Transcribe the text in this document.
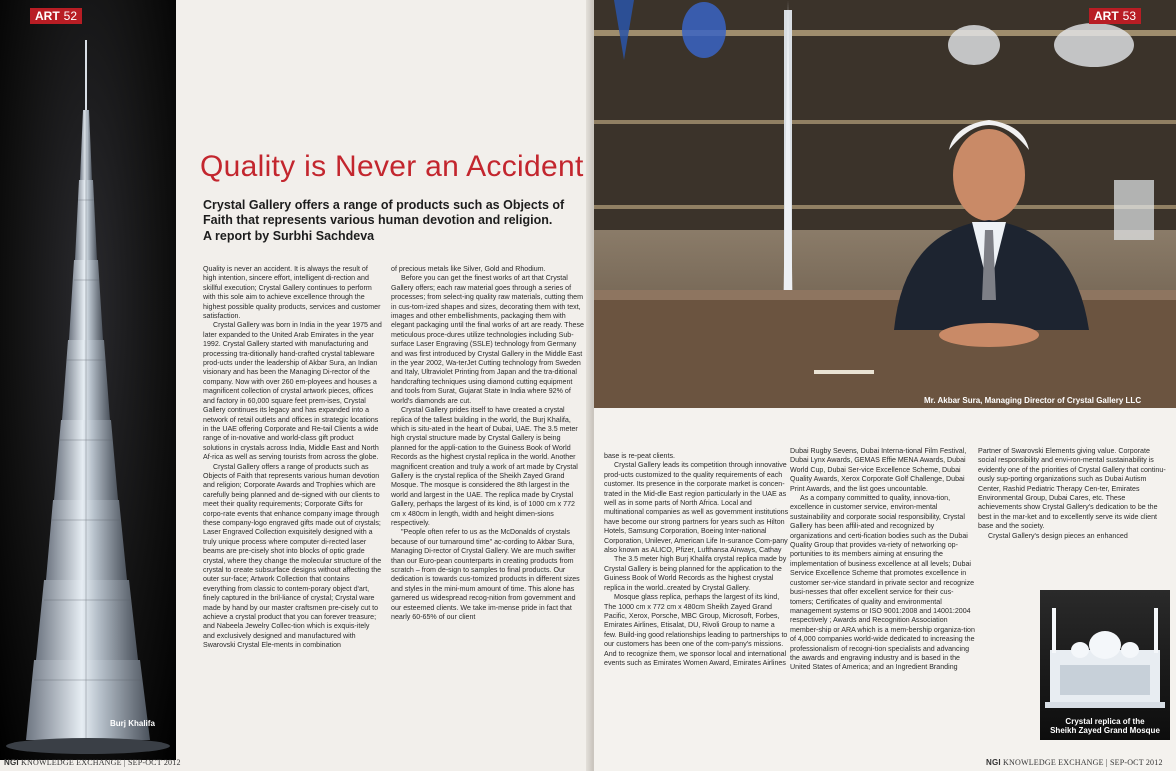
ART 52
Burj Khalifa
Quality is Never an Accident
Crystal Gallery offers a range of products such as Objects of Faith that represents various human devotion and religion.
A report by Surbhi Sachdeva

Quality is never an accident. It is always the result of high intention, sincere effort, intelligent di-rection and skillful execution; Crystal Gallery continues to perform with this sole aim to achieve excellence through the highest possible quality products, services and customer satisfaction.

Crystal Gallery was born in India in the year 1975 and later expanded to the United Arab Emirates in the year 1992. Crystal Gallery started with manufacturing and processing tra-ditionally hand-crafted crystal tableware prod-ucts under the leadership of Akbar Sura, an Indian visionary and has been the Managing Di-rector of the company. Now with over 260 em-ployees and houses a magnificent collection of crystal artwork pieces, offices and factory in 60,000 square feet prem-ises, Crystal Gallery continues its legacy and has expanded into a network of retail outlets and offices in strategic locations in the UAE offering Corporate and Re-tail Clients a wide range of in-novative and world-class gift product solutions in crystals across India, Middle East and North Af-rica as well as serving tourists from across the globe.

Crystal Gallery offers a range of products such as Objects of Faith that represents various human devotion and religion; Corporate Awards and Trophies which are carefully being planned and de-signed with our clients to meet their quality requirements; Corporate Gifts for corpo-rate events that enhance company image through these company-logo engraved gifts made out of crystals; Laser Engraved Collection exquisitely designed with a truly unique process where computer di-rected laser beams are pre-cisely shot into blocks of optic grade crystal, where they change the molecular structure of the crystal to create subsurface designs without affecting the outer sur-face; Artwork Collection that contains everything from classic to contem-porary object d'art, finely captured in the bril-liance of crystal; Crystal ware made by hand by our master craftsmen pre-cisely cut to achieve a crystal product that you can forever treasure; and Nabeela Jewelry Collec-tion which is exquis-itely and exclusively designed and manufactured with Swarovski Crystal Ele-ments in combination

of precious metals like Silver, Gold and Rhodium.

Before you can get the finest works of art that Crystal Gallery offers; each raw material goes through a series of processes; from select-ing quality raw materials, cutting them in cus-tom-ized shapes and sizes, decorating them with text, images and other embellishments, packaging them with elegant packaging until the final works of art are ready. These meticulous proce-dures utilize technologies including Sub-surface Laser Engraving (SSLE) technology from Germany and was first introduced by Crystal Gallery in the Middle East in the year 2002, Wa-terJet Cutting technology from Sweden and Italy, Ultraviolet Printing from Japan and the tra-ditional handcrafting techniques using diamond cutting equipment and tools from Surat, Gujarat State in India where 92% of world's diamonds are cut.

Crystal Gallery prides itself to have created a crystal replica of the tallest building in the world, the Burj Khalifa, which is situ-ated in the heart of Dubai, UAE. The 3.5 meter high crystal structure made by Crystal Gallery is being planned for the appli-cation to the Guiness Book of World Records as the highest crystal replica in the world. Another magnificent creation and truly a work of art made by Crystal Gallery is the crystal replica of the Sheikh Zayed Grand Mosque. The mosque is considered the 8th largest in the world and largest in the UAE. The replica made by Crystal Gallery, perhaps the largest of its kind, is of 1000 cm x 772 cm x 480cm in length, width and height dimen-sions respectively.

"People often refer to us as the McDonalds of crystals because of our turnaround time" ac-cording to Akbar Sura, Managing Di-rector of Crystal Gallery. We are much swifter than our Euro-pean counterparts in creating products from scratch – from de-sign to samples to final products. Our dedication is towards cus-tomized products in different sizes and styles in the mini-mum amount of time. This alone has garnered us widespread recog-nition from government and our esteemed clients. We take im-mense pride in fact that nearly 60-65% of our client

NGI KNOWLEDGE EXCHANGE | SEP-OCT 2012
ART 53
Mr. Akbar Sura, Managing Director of Crystal Gallery LLC

base is re-peat clients.

Crystal Gallery leads its competition through innovative prod-ucts customized to the quality requirements of each customer. Its presence in the corporate market is concen-trated in the Mid-dle East region particularly in the UAE as well as in some parts of North Africa. Local and multinational companies as well as government institutions have become our strong partners for years such as Hilton Hotels, Samsung Corporation, Boeing Inter-national Corporation, Unilever, American Life In-surance Com-pany also known as ALICO, Pfizer, Lufthansa Airways, Cathay

The 3.5 meter high Burj Khalifa crystal replica made by Crystal Gallery is being planned for the application to the Guiness Book of World Records as the highest crystal replica in the world..created by Crystal Gallery.

Mosque glass replica, perhaps the largest of its kind, The 1000 cm x 772 cm x 480cm Sheikh Zayed Grand Pacific, Xerox, Porsche, MBC Group, Microsoft, Forbes, Emirates Airlines, Etisalat, DU, Rivoli Group to name a few. Build-ing good relationships leading to partnerships to our customers has been one of the com-pany's missions. And to recognize them, we sponsor local and international events such as Emirates Women Award, Emirates Airlines

Dubai Rugby Sevens, Dubai Interna-tional Film Festival, Dubai Lynx Awards, GEMAS Effie MENA Awards, Dubai World Cup, Dubai Ser-vice Excellence Scheme, Dubai Quality Awards, Xerox Corporate Golf Challenge, Dubai Print Awards, and the list goes uncountable.

As a company committed to quality, innova-tion, excellence in customer service, environ-mental sustainability and corporate social responsibility, Crystal Gallery has been affili-ated and recognized by organizations and certi-fication bodies such as the Dubai Quality Group that provides va-riety of networking op-portunities to its members aiming at ensuring the implementation of business excellence at all levels; Dubai Service Excellence Scheme that promotes excellence in customer ser-vice standard in private sector and recognize busi-nesses that offer excellent service for their cus-tomers; Certificates of quality and environmental management systems or ISO 9001:2008 and 14001:2004 respectively ; Awards and Recognition Association member-ship or ARA which is a mem-bership organiza-tion of 4,000 companies world-wide dedicated to increasing the professionalism of recogni-tion specialists and advancing the awards and engraving industry and is based in the United States of America; and an Ingredient Branding

Partner of Swarovski Elements giving value. Corporate social responsibility and envi-ron-mental sustainability is evidently one of the priorities of Crystal Gallery that continu-ously sup-porting organizations such as Dubai Autism Center, Rashid Pediatric Therapy Cen-ter, Emirates Environmental Group, Dubai Cares, etc. These achievements show Crystal Gallery's dedication to be the best in the mar-ket and to excellently serve its wide client base and the society.

Crystal Gallery's design pieces an enhanced

Crystal replica of the
Sheikh Zayed Grand Mosque
NGI KNOWLEDGE EXCHANGE | SEP-OCT 2012
